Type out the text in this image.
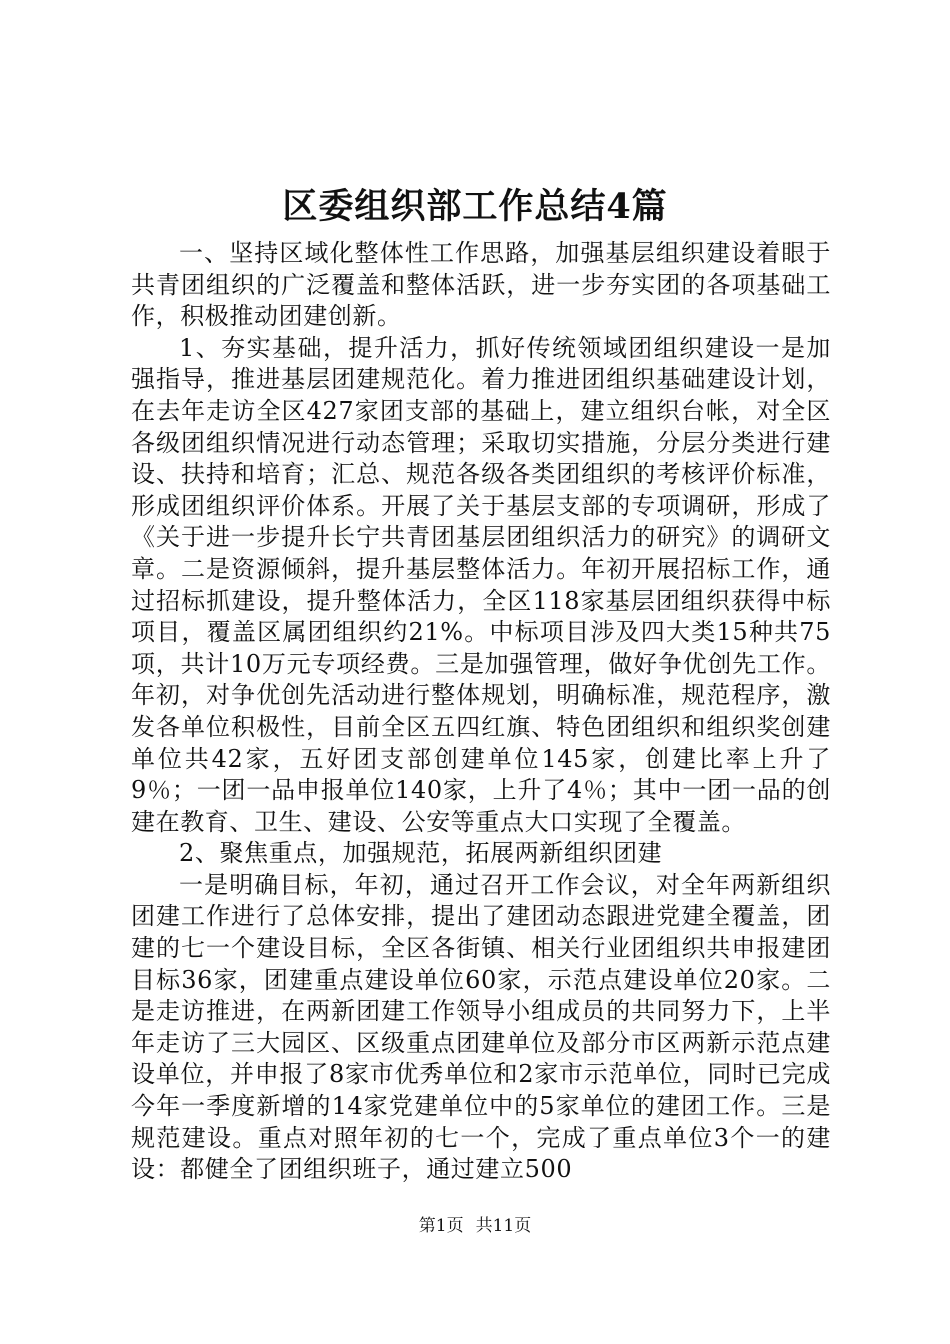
区委组织部工作总结4篇

一、坚持区域化整体性工作思路，加强基层组织建设着眼于共青团组织的广泛覆盖和整体活跃，进一步夯实团的各项基础工作，积极推动团建创新。

1、夯实基础，提升活力，抓好传统领域团组织建设一是加强指导，推进基层团建规范化。着力推进团组织基础建设计划，在去年走访全区427家团支部的基础上，建立组织台帐，对全区各级团组织情况进行动态管理；采取切实措施，分层分类进行建设、扶持和培育；汇总、规范各级各类团组织的考核评价标准，形成团组织评价体系。开展了关于基层支部的专项调研，形成了《关于进一步提升长宁共青团基层团组织活力的研究》的调研文章。二是资源倾斜，提升基层整体活力。年初开展招标工作，通过招标抓建设，提升整体活力，全区118家基层团组织获得中标项目，覆盖区属团组织约21%。中标项目涉及四大类15种共75项，共计10万元专项经费。三是加强管理，做好争优创先工作。年初，对争优创先活动进行整体规划，明确标准，规范程序，激发各单位积极性，目前全区五四红旗、特色团组织和组织奖创建单位共42家，五好团支部创建单位145家，创建比率上升了9％；一团一品申报单位140家，上升了4％；其中一团一品的创建在教育、卫生、建设、公安等重点大口实现了全覆盖。

2、聚焦重点，加强规范，拓展两新组织团建

一是明确目标，年初，通过召开工作会议，对全年两新组织团建工作进行了总体安排，提出了建团动态跟进党建全覆盖，团建的七一个建设目标，全区各街镇、相关行业团组织共申报建团目标36家，团建重点建设单位60家，示范点建设单位20家。二是走访推进，在两新团建工作领导小组成员的共同努力下，上半年走访了三大园区、区级重点团建单位及部分市区两新示范点建设单位，并申报了8家市优秀单位和2家市示范单位，同时已完成今年一季度新增的14家党建单位中的5家单位的建团工作。三是规范建设。重点对照年初的七一个，完成了重点单位3个一的建设：都健全了团组织班子，通过建立500

第1页 共11页
